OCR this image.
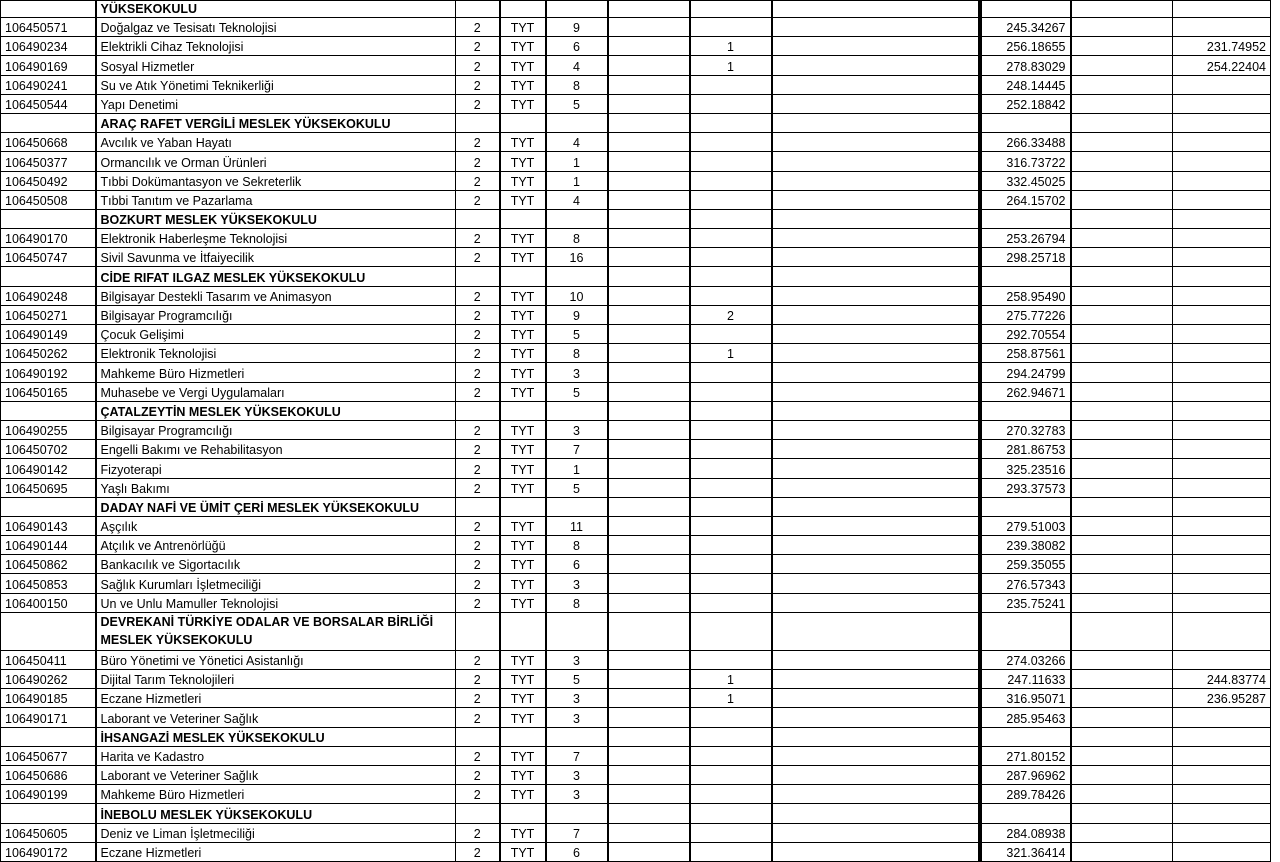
	YÜKSEKOKULU										
106450571	Doğalgaz ve Tesisatı Teknolojisi	2	TYT	9					245.34267		
106490234	Elektrikli Cihaz Teknolojisi	2	TYT	6		1			256.18655		231.74952
106490169	Sosyal Hizmetler	2	TYT	4		1			278.83029		254.22404
106490241	Su ve Atık Yönetimi Teknikerliği	2	TYT	8					248.14445		
106450544	Yapı Denetimi	2	TYT	5					252.18842		
	ARAÇ RAFET VERGİLİ MESLEK YÜKSEKOKULU										
106450668	Avcılık ve Yaban Hayatı	2	TYT	4					266.33488		
106450377	Ormancılık ve Orman Ürünleri	2	TYT	1					316.73722		
106450492	Tıbbi Dokümantasyon ve Sekreterlik	2	TYT	1					332.45025		
106450508	Tıbbi Tanıtım ve Pazarlama	2	TYT	4					264.15702		
	BOZKURT MESLEK YÜKSEKOKULU										
106490170	Elektronik Haberleşme Teknolojisi	2	TYT	8					253.26794		
106450747	Sivil Savunma ve İtfaiyecilik	2	TYT	16					298.25718		
	CİDE RIFAT ILGAZ MESLEK YÜKSEKOKULU										
106490248	Bilgisayar Destekli Tasarım ve Animasyon	2	TYT	10					258.95490		
106450271	Bilgisayar Programcılığı	2	TYT	9		2			275.77226		
106490149	Çocuk Gelişimi	2	TYT	5					292.70554		
106450262	Elektronik Teknolojisi	2	TYT	8		1			258.87561		
106490192	Mahkeme Büro Hizmetleri	2	TYT	3					294.24799		
106450165	Muhasebe ve Vergi Uygulamaları	2	TYT	5					262.94671		
	ÇATALZEYTİN MESLEK YÜKSEKOKULU										
106490255	Bilgisayar Programcılığı	2	TYT	3					270.32783		
106450702	Engelli Bakımı ve Rehabilitasyon	2	TYT	7					281.86753		
106490142	Fizyoterapi	2	TYT	1					325.23516		
106450695	Yaşlı Bakımı	2	TYT	5					293.37573		
	DADAY NAFİ VE ÜMİT ÇERİ MESLEK YÜKSEKOKULU										
106490143	Aşçılık	2	TYT	11					279.51003		
106490144	Atçılık ve Antrenörlüğü	2	TYT	8					239.38082		
106450862	Bankacılık ve Sigortacılık	2	TYT	6					259.35055		
106450853	Sağlık Kurumları İşletmeciliği	2	TYT	3					276.57343		
106400150	Un ve Unlu Mamuller Teknolojisi	2	TYT	8					235.75241		
	DEVREKANİ TÜRKİYE ODALAR VE BORSALAR BİRLİĞİ MESLEK YÜKSEKOKULU										
106450411	Büro Yönetimi ve Yönetici Asistanlığı	2	TYT	3					274.03266		
106490262	Dijital Tarım Teknolojileri	2	TYT	5		1			247.11633		244.83774
106490185	Eczane Hizmetleri	2	TYT	3		1			316.95071		236.95287
106490171	Laborant ve Veteriner Sağlık	2	TYT	3					285.95463		
	İHSANGAZİ MESLEK YÜKSEKOKULU										
106450677	Harita ve Kadastro	2	TYT	7					271.80152		
106450686	Laborant ve Veteriner Sağlık	2	TYT	3					287.96962		
106490199	Mahkeme Büro Hizmetleri	2	TYT	3					289.78426		
	İNEBOLU MESLEK YÜKSEKOKULU										
106450605	Deniz ve Liman İşletmeciliği	2	TYT	7					284.08938		
106490172	Eczane Hizmetleri	2	TYT	6					321.36414		
